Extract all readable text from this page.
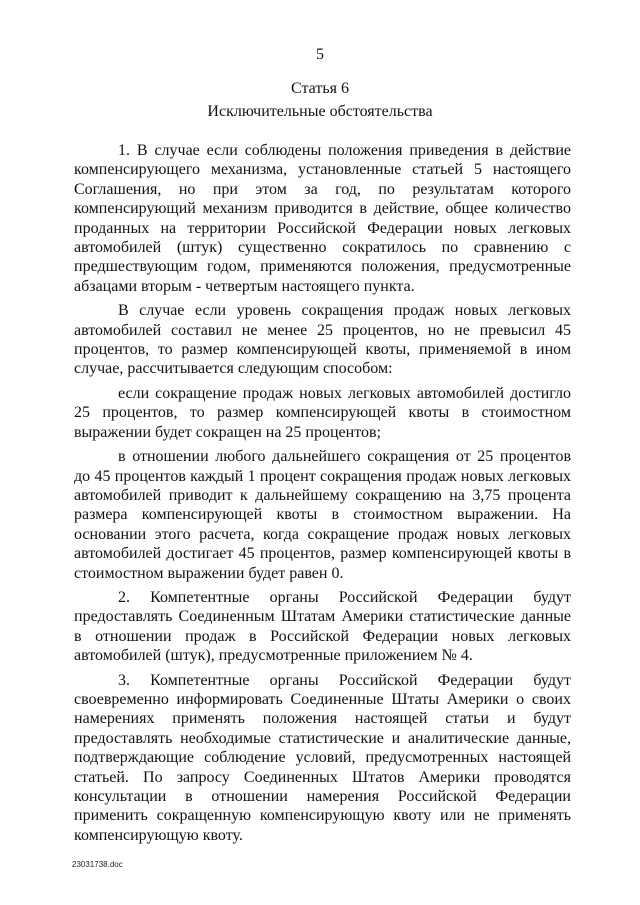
5
Статья 6
Исключительные обстоятельства

1. В случае если соблюдены положения приведения в действие компенсирующего механизма, установленные статьей 5 настоящего Соглашения, но при этом за год, по результатам которого компенсирующий механизм приводится в действие, общее количество проданных на территории Российской Федерации новых легковых автомобилей (штук) существенно сократилось по сравнению с предшествующим годом, применяются положения, предусмотренные абзацами вторым - четвертым настоящего пункта.

В случае если уровень сокращения продаж новых легковых автомобилей составил не менее 25 процентов, но не превысил 45 процентов, то размер компенсирующей квоты, применяемой в ином случае, рассчитывается следующим способом:

если сокращение продаж новых легковых автомобилей достигло 25 процентов, то размер компенсирующей квоты в стоимостном выражении будет сокращен на 25 процентов;

в отношении любого дальнейшего сокращения от 25 процентов до 45 процентов каждый 1 процент сокращения продаж новых легковых автомобилей приводит к дальнейшему сокращению на 3,75 процента размера компенсирующей квоты в стоимостном выражении. На основании этого расчета, когда сокращение продаж новых легковых автомобилей достигает 45 процентов, размер компенсирующей квоты в стоимостном выражении будет равен 0.

2. Компетентные органы Российской Федерации будут предоставлять Соединенным Штатам Америки статистические данные в отношении продаж в Российской Федерации новых легковых автомобилей (штук), предусмотренные приложением № 4.

3. Компетентные органы Российской Федерации будут своевременно информировать Соединенные Штаты Америки о своих намерениях применять положения настоящей статьи и будут предоставлять необходимые статистические и аналитические данные, подтверждающие соблюдение условий, предусмотренных настоящей статьей. По запросу Соединенных Штатов Америки проводятся консультации в отношении намерения Российской Федерации применить сокращенную компенсирующую квоту или не применять компенсирующую квоту.

23031738.doc
